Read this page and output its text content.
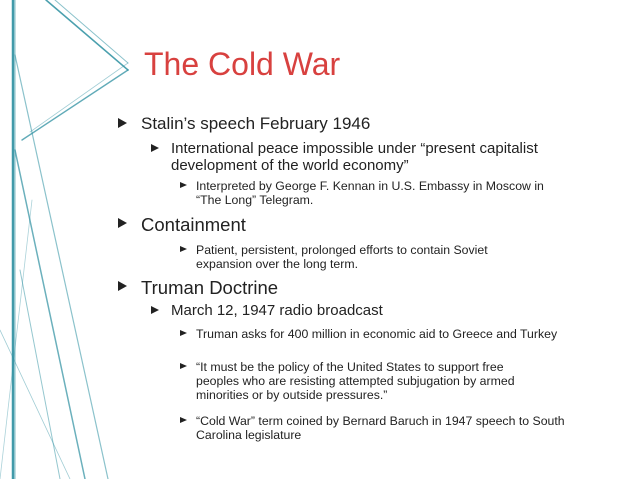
The Cold War
Stalin’s speech February 1946
International peace impossible under “present capitalist development of the world economy”
Interpreted by George F. Kennan in U.S. Embassy in Moscow in “The Long” Telegram.
Containment
Patient, persistent, prolonged efforts to contain Soviet expansion over the long term.
Truman Doctrine
March 12, 1947 radio broadcast
Truman asks for 400 million in economic aid to Greece and Turkey
“It must be the policy of the United States to support free peoples who are resisting attempted subjugation by armed minorities or by outside pressures.”
“Cold War” term coined by Bernard Baruch in 1947 speech to South Carolina legislature
